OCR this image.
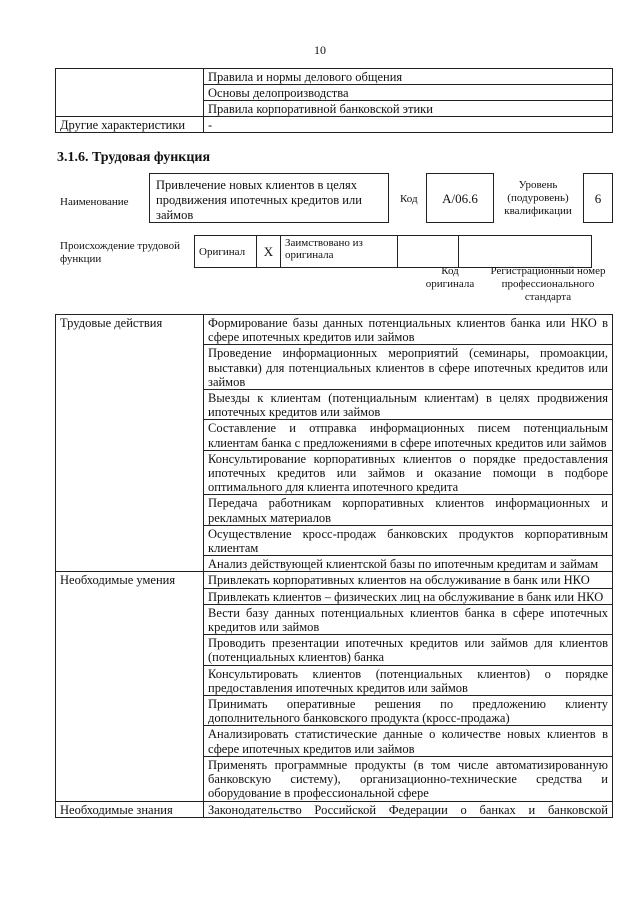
10
	Правила и нормы делового общения
	Основы делопроизводства
	Правила корпоративной банковской этики
Другие характеристики	-
3.1.6. Трудовая функция
Наименование
Привлечение новых клиентов в целях продвижения ипотечных кредитов или займов
Код	A/06.6
Уровень (подуровень) квалификации
6
Происхождение трудовой функции
Оригинал	X	Заимствовано из оригинала		
Код оригинала
Регистрационный номер профессионального стандарта
Трудовые действия	Формирование базы данных потенциальных клиентов банка или НКО в сфере ипотечных кредитов или займов
	Проведение информационных мероприятий (семинары, промоакции, выставки) для потенциальных клиентов в сфере ипотечных кредитов или займов
	Выезды к клиентам (потенциальным клиентам) в целях продвижения ипотечных кредитов или займов
	Составление и отправка информационных писем потенциальным клиентам банка с предложениями в сфере ипотечных кредитов или займов
	Консультирование корпоративных клиентов о порядке предоставления ипотечных кредитов или займов и оказание помощи в подборе оптимального для клиента ипотечного кредита
	Передача работникам корпоративных клиентов информационных и рекламных материалов
	Осуществление кросс-продаж банковских продуктов корпоративным клиентам
	Анализ действующей клиентской базы по ипотечным кредитам и займам
Необходимые умения	Привлекать корпоративных клиентов на обслуживание в банк или НКО
	Привлекать клиентов – физических лиц на обслуживание в банк или НКО
	Вести базу данных потенциальных клиентов банка в сфере ипотечных кредитов или займов
	Проводить презентации ипотечных кредитов или займов для клиентов (потенциальных клиентов) банка
	Консультировать клиентов (потенциальных клиентов) о порядке предоставления ипотечных кредитов или займов
	Принимать оперативные решения по предложению клиенту дополнительного банковского продукта (кросс-продажа)
	Анализировать статистические данные о количестве новых клиентов в сфере ипотечных кредитов или займов
	Применять программные продукты (в том числе автоматизированную банковскую систему), организационно-технические средства и оборудование в профессиональной сфере
Необходимые знания	Законодательство Российской Федерации о банках и банковской
